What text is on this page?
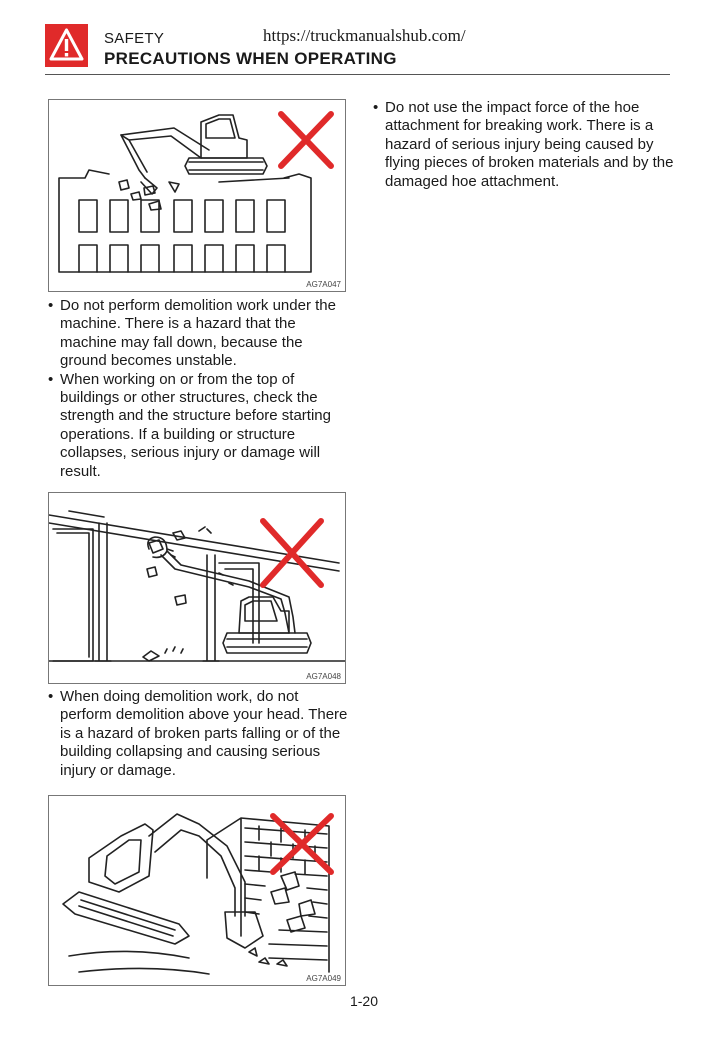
SAFETY	https://truckmanualshub.com/
PRECAUTIONS WHEN OPERATING
AG7A047
• Do not perform demolition work under the machine. There is a hazard that the machine may fall down, because the ground becomes unstable.
• When working on or from the top of buildings or other structures, check the strength and the structure before starting operations. If a building or structure collapses, serious injury or damage will result.
AG7A048
• When doing demolition work, do not perform demolition above your head. There is a hazard of broken parts falling or of the building collapsing and causing serious injury or damage.
AG7A049
• Do not use the impact force of the hoe attachment for breaking work. There is a hazard of serious injury being caused by flying pieces of broken materials and by the damaged hoe attachment.
1-20
